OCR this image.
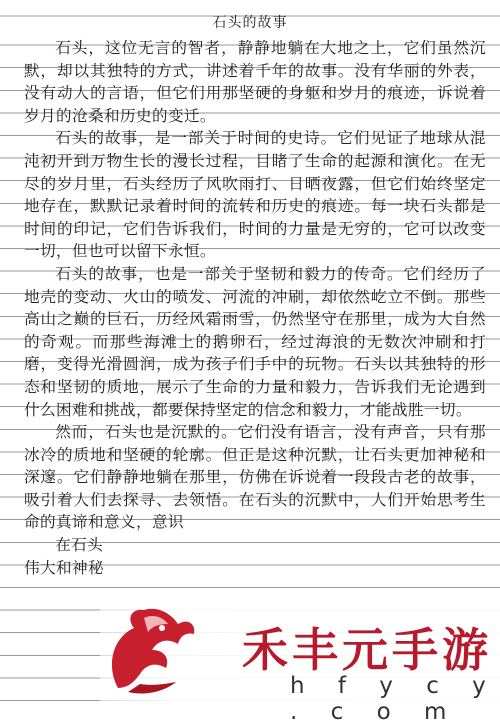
石头的故事

石头，这位无言的智者，静静地躺在大地之上，它们虽然沉默，却以其独特的方式，讲述着千年的故事。没有华丽的外表，没有动人的言语，但它们用那坚硬的身躯和岁月的痕迹，诉说着岁月的沧桑和历史的变迁。

石头的故事，是一部关于时间的史诗。它们见证了地球从混沌初开到万物生长的漫长过程，目睹了生命的起源和演化。在无尽的岁月里，石头经历了风吹雨打、日晒夜露，但它们始终坚定地存在，默默记录着时间的流转和历史的痕迹。每一块石头都是时间的印记，它们告诉我们，时间的力量是无穷的，它可以改变一切，但也可以留下永恒。

石头的故事，也是一部关于坚韧和毅力的传奇。它们经历了地壳的变动、火山的喷发、河流的冲刷，却依然屹立不倒。那些高山之巅的巨石，历经风霜雨雪，仍然坚守在那里，成为大自然的奇观。而那些海滩上的鹅卵石，经过海浪的无数次冲刷和打磨，变得光滑圆润，成为孩子们手中的玩物。石头以其独特的形态和坚韧的质地，展示了生命的力量和毅力，告诉我们无论遇到什么困难和挑战，都要保持坚定的信念和毅力，才能战胜一切。

然而，石头也是沉默的。它们没有语言，没有声音，只有那冰冷的质地和坚硬的轮廓。但正是这种沉默，让石头更加神秘和深邃。它们静静地躺在那里，仿佛在诉说着一段段古老的故事，吸引着人们去探寻、去领悟。在石头的沉默中，人们开始思考生命的真谛和意义，意识

在石头

伟大和神秘

禾丰元手游
h f y c y . c o m
